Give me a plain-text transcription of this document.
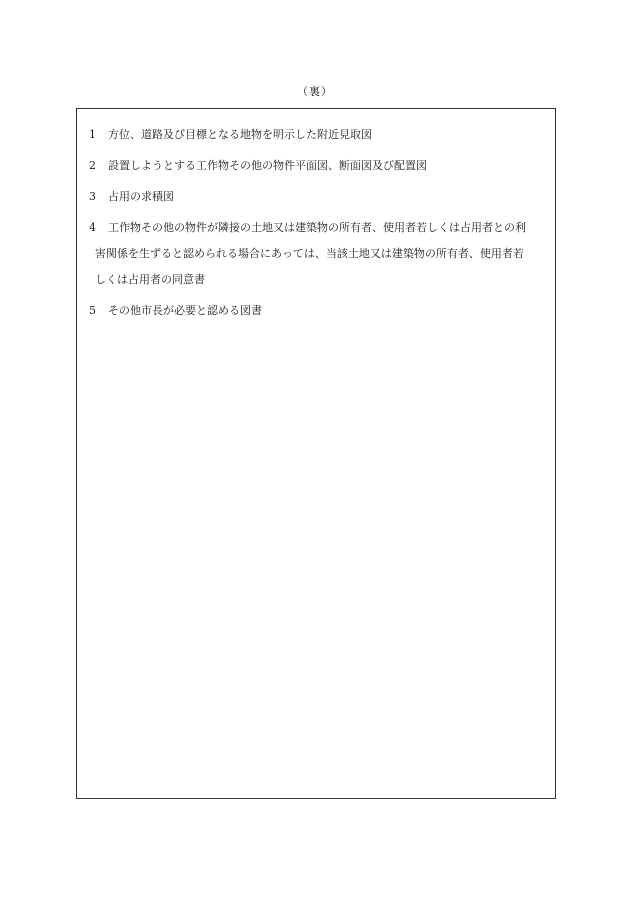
（裏）
1 方位、道路及び目標となる地物を明示した附近見取図
2 設置しようとする工作物その他の物件平面図、断面図及び配置図
3 占用の求積図
4 工作物その他の物件が隣接の土地又は建築物の所有者、使用者若しくは占用者との利
害関係を生ずると認められる場合にあっては、当該土地又は建築物の所有者、使用者若
しくは占用者の同意書
5 その他市長が必要と認める図書
